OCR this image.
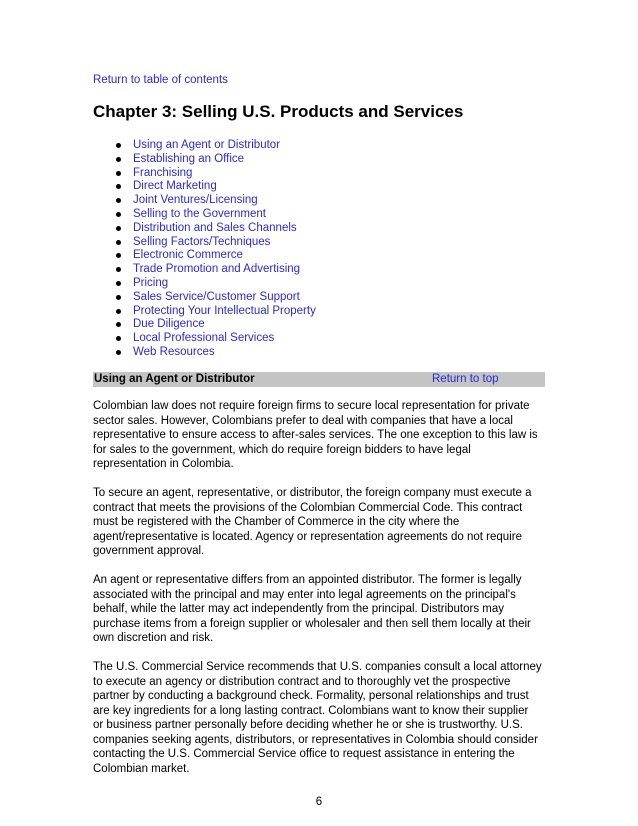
Return to table of contents
Chapter 3: Selling U.S. Products and Services
Using an Agent or Distributor
Establishing an Office
Franchising
Direct Marketing
Joint Ventures/Licensing
Selling to the Government
Distribution and Sales Channels
Selling Factors/Techniques
Electronic Commerce
Trade Promotion and Advertising
Pricing
Sales Service/Customer Support
Protecting Your Intellectual Property
Due Diligence
Local Professional Services
Web Resources
Using an Agent or Distributor	Return to top

Colombian law does not require foreign firms to secure local representation for private
sector sales. However, Colombians prefer to deal with companies that have a local
representative to ensure access to after-sales services. The one exception to this law is
for sales to the government, which do require foreign bidders to have legal
representation in Colombia.

To secure an agent, representative, or distributor, the foreign company must execute a
contract that meets the provisions of the Colombian Commercial Code. This contract
must be registered with the Chamber of Commerce in the city where the
agent/representative is located. Agency or representation agreements do not require
government approval.

An agent or representative differs from an appointed distributor. The former is legally
associated with the principal and may enter into legal agreements on the principal's
behalf, while the latter may act independently from the principal. Distributors may
purchase items from a foreign supplier or wholesaler and then sell them locally at their
own discretion and risk.

The U.S. Commercial Service recommends that U.S. companies consult a local attorney
to execute an agency or distribution contract and to thoroughly vet the prospective
partner by conducting a background check. Formality, personal relationships and trust
are key ingredients for a long lasting contract. Colombians want to know their supplier
or business partner personally before deciding whether he or she is trustworthy. U.S.
companies seeking agents, distributors, or representatives in Colombia should consider
contacting the U.S. Commercial Service office to request assistance in entering the
Colombian market.

6
